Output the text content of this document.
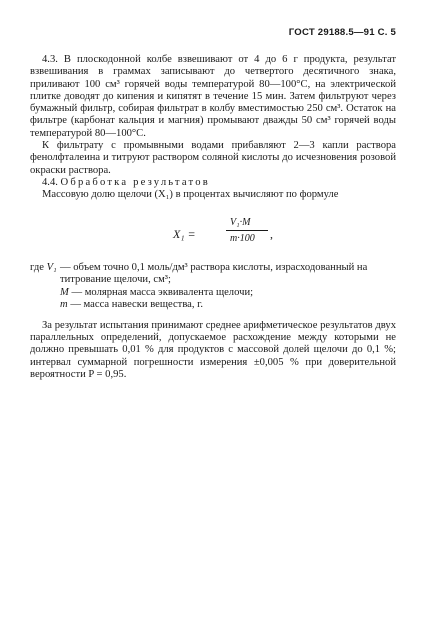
ГОСТ 29188.5—91 С. 5

4.3. В плоскодонной колбе взвешивают от 4 до 6 г продукта, результат взвешивания в граммах записывают до четвертого десятичного знака, приливают 100 см³ горячей воды температурой 80—100°С, на электрической плитке доводят до кипения и кипятят в течение 15 мин. Затем фильтруют через бумажный фильтр, собирая фильтрат в колбу вместимостью 250 см³. Остаток на фильтре (карбонат кальция и магния) промывают дважды 50 см³ горячей воды температурой 80—100°С.

К фильтрату с промывными водами прибавляют 2—3 капли раствора фенолфталеина и титруют раствором соляной кислоты до исчезновения розовой окраски раствора.

4.4. Обработка результатов

Массовую долю щелочи (X₁) в процентах вычисляют по формуле

X₁ =
V₁·M
m·100 ,
где V₁ — объем точно 0,1 моль/дм³ раствора кислоты, израсходованный на титрование щелочи, см³;
M — молярная масса эквивалента щелочи;
m — масса навески вещества, г.

За результат испытания принимают среднее арифметическое результатов двух параллельных определений, допускаемое расхождение между которыми не должно превышать 0,01 % для продуктов с массовой долей щелочи до 0,1 %; интервал суммарной погрешности измерения ±0,005 % при доверительной вероятности P = 0,95.
